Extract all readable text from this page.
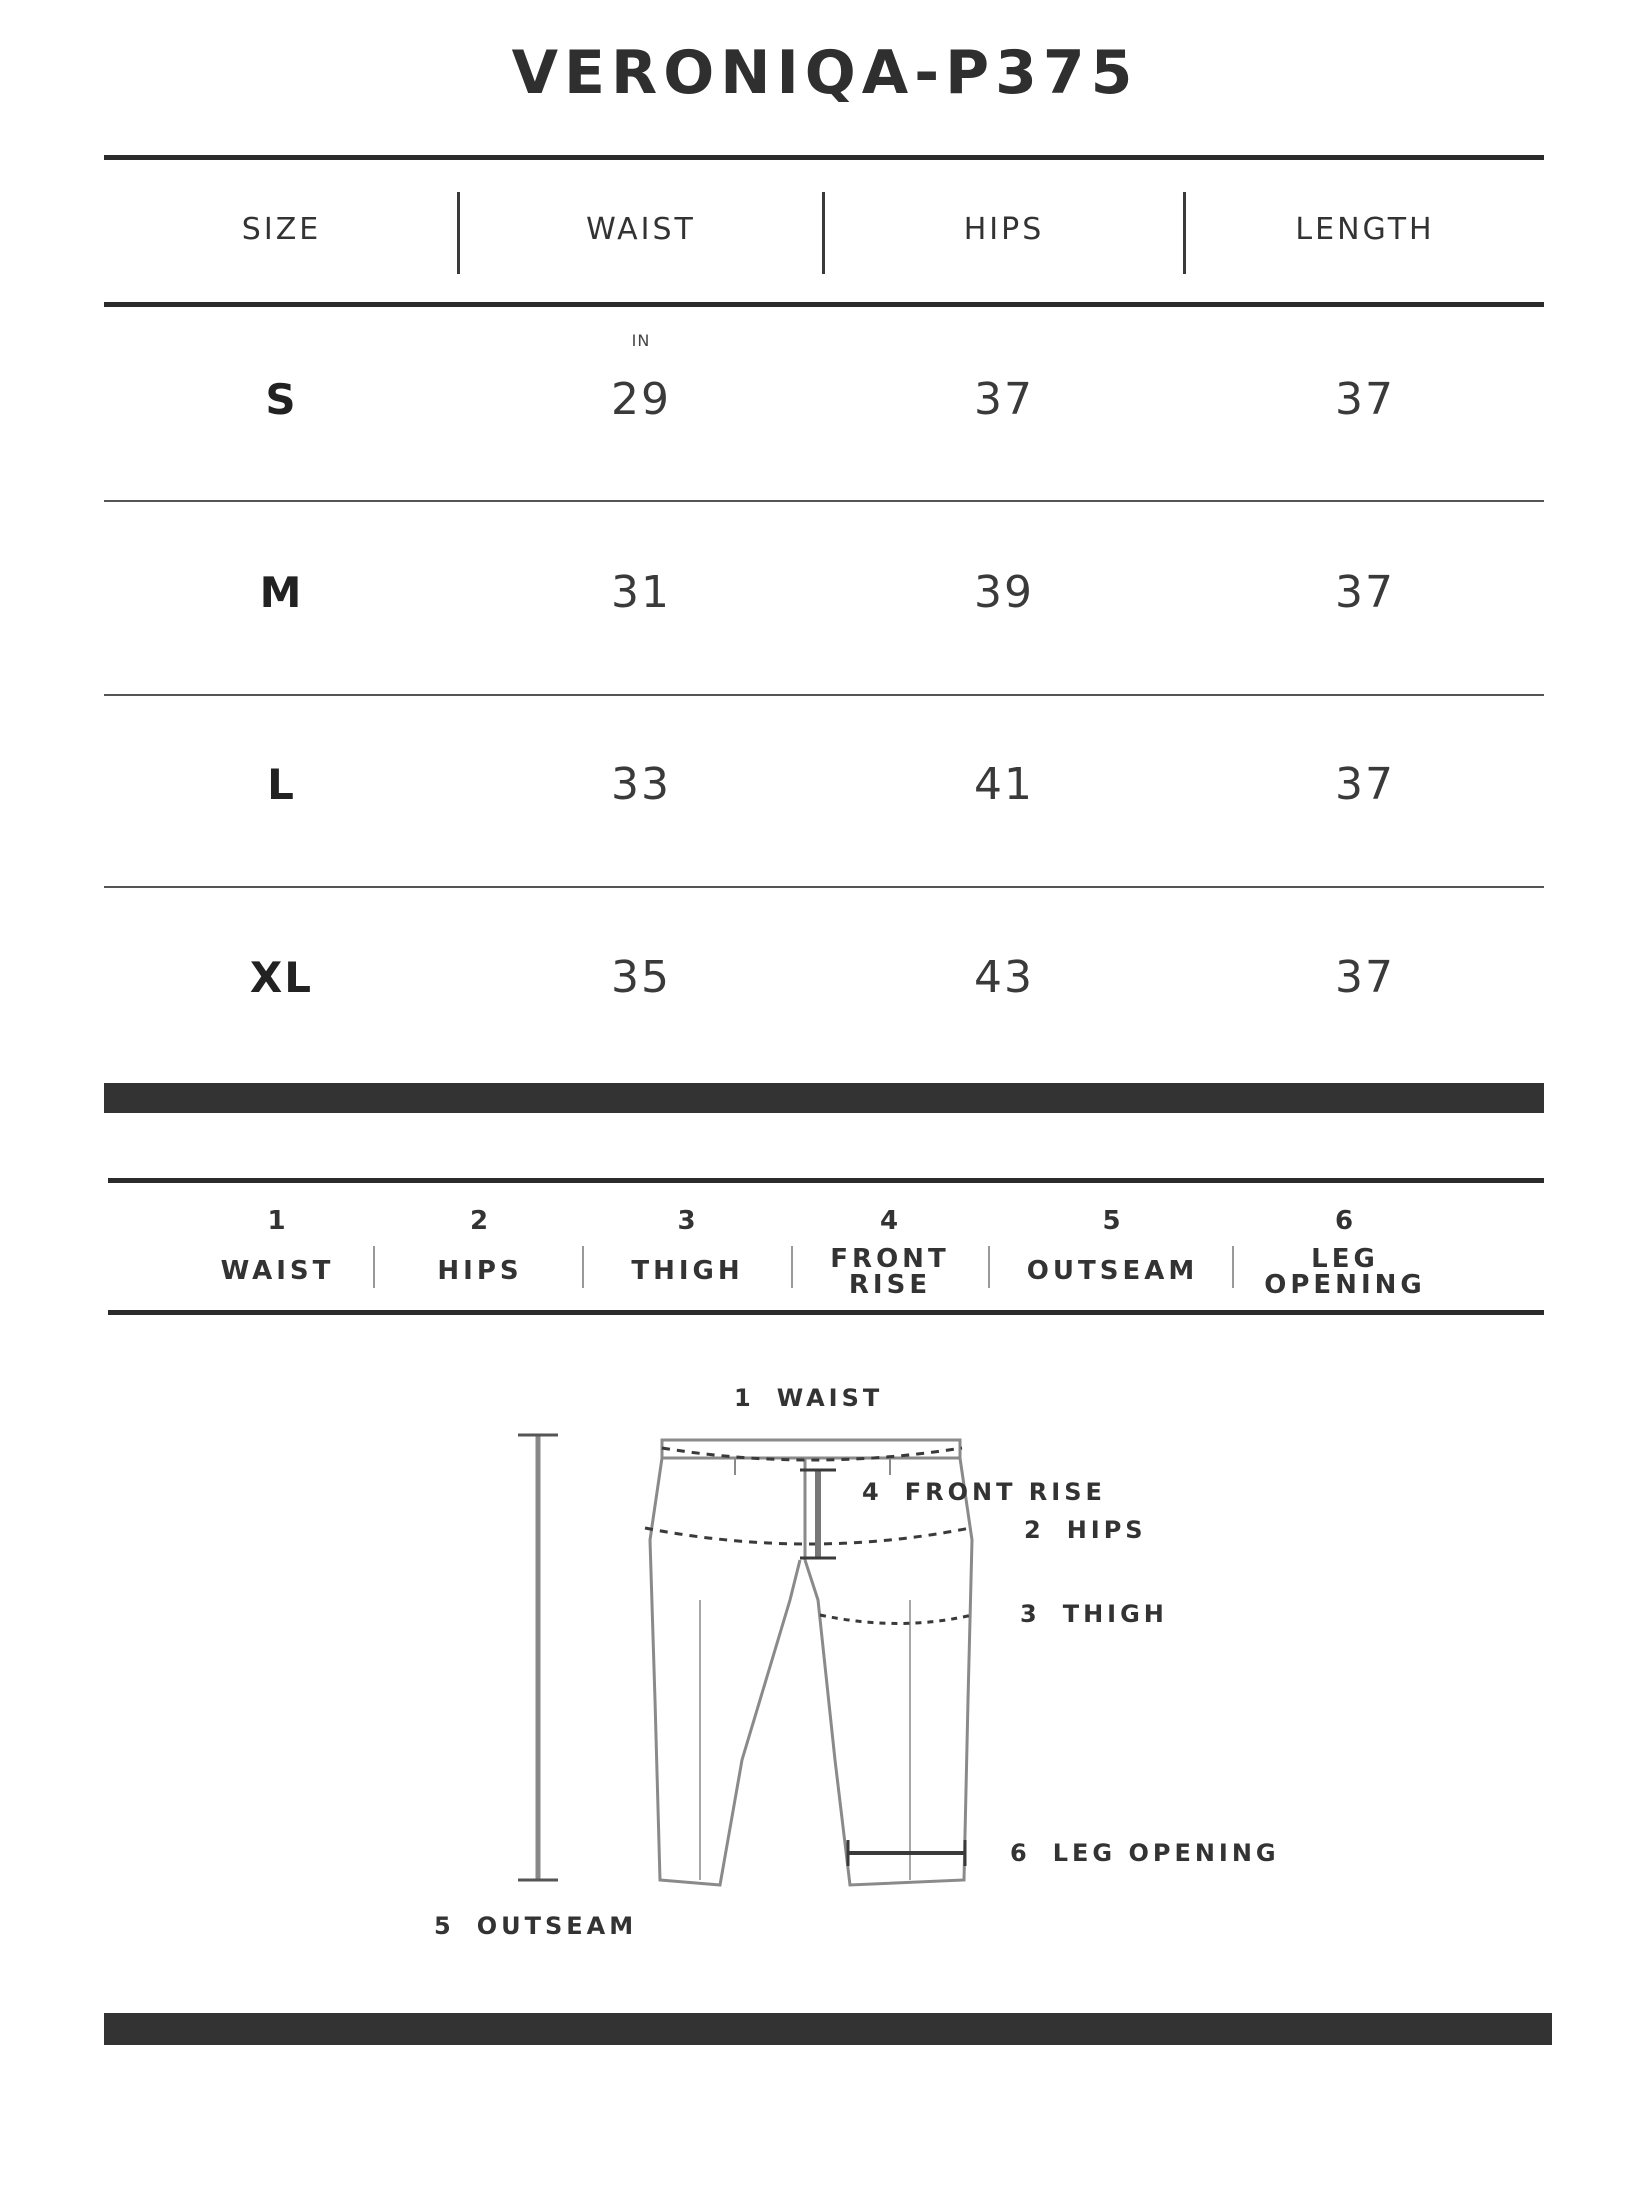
VERONIQA-P375
SIZE	WAIST	HIPS	LENGTH
IN
S	29	37	37
M	31	39	37
L	33	41	37
XL	35	43	37
1
WAIST
2
HIPS
3
THIGH
4
FRONT
RISE
5
OUTSEAM
6
LEG
OPENING
1 WAIST
4 FRONT RISE
2 HIPS
3 THIGH
6 LEG OPENING
5 OUTSEAM
